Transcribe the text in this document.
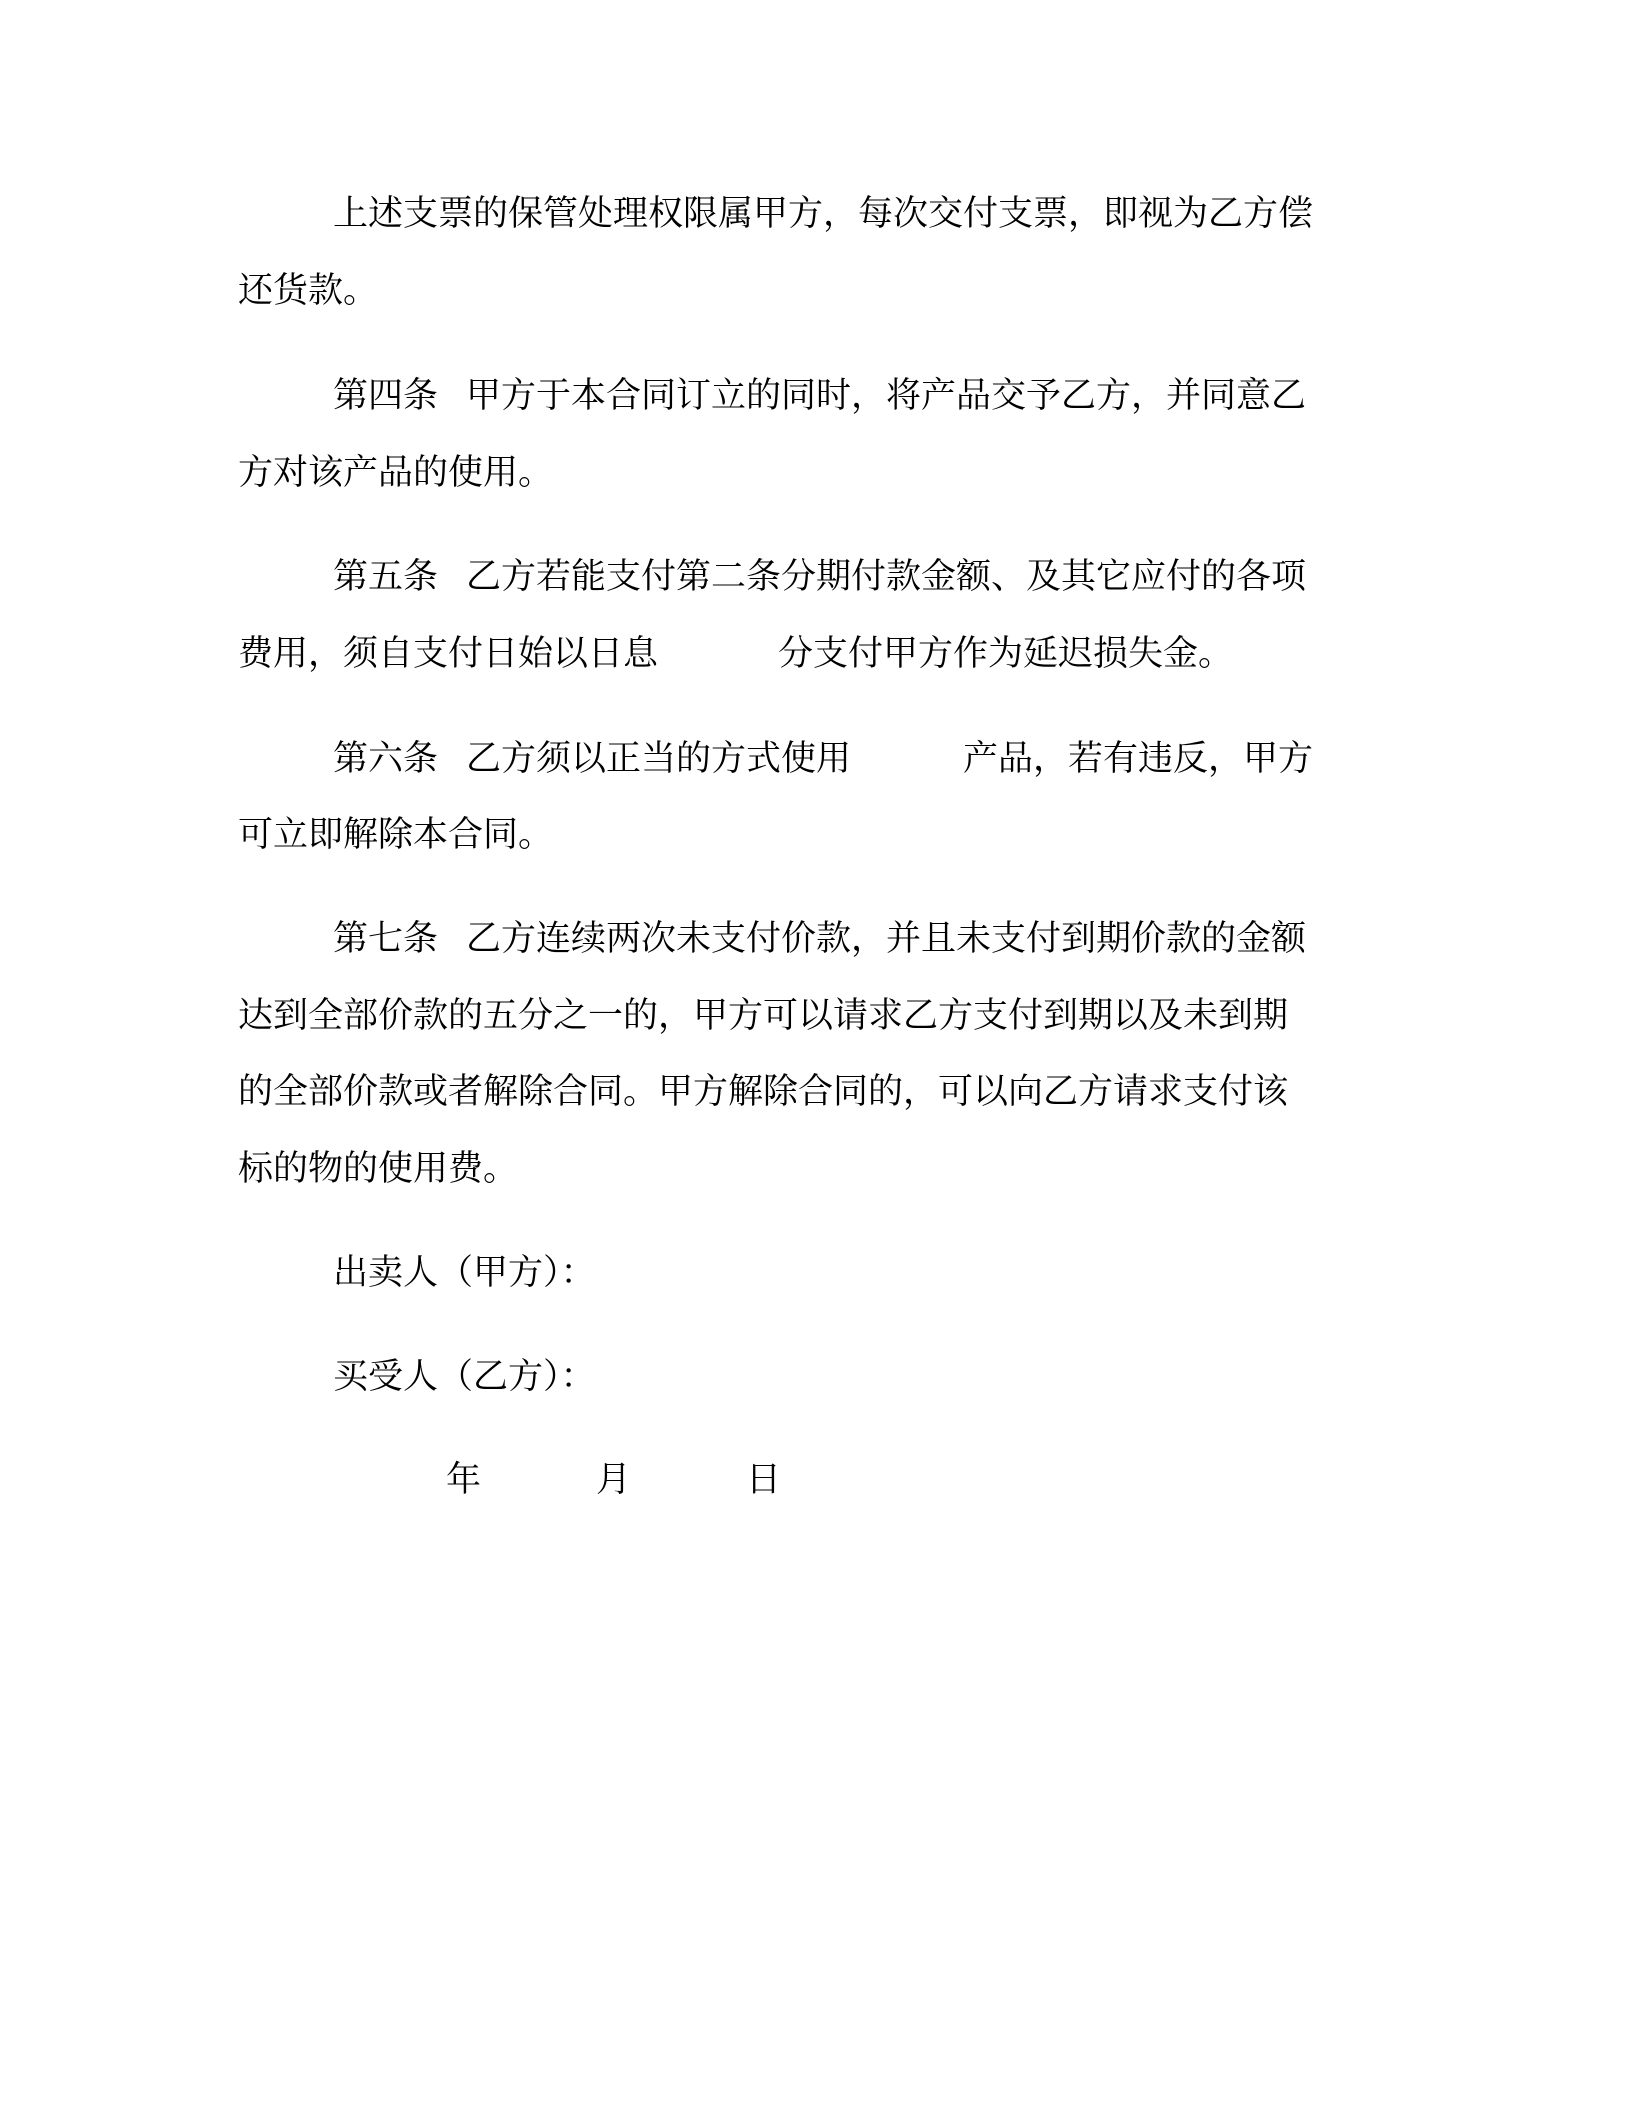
上述支票的保管处理权限属甲方，每次交付支票，即视为乙方偿
还货款。
第四条 甲方于本合同订立的同时，将产品交予乙方，并同意乙
方对该产品的使用。
第五条 乙方若能支付第二条分期付款金额、及其它应付的各项
费用，须自支付日始以日息	分支付甲方作为延迟损失金。
第六条 乙方须以正当的方式使用	产品，若有违反，甲方
可立即解除本合同。
第七条 乙方连续两次未支付价款，并且未支付到期价款的金额
达到全部价款的五分之一的，甲方可以请求乙方支付到期以及未到期
的全部价款或者解除合同。甲方解除合同的，可以向乙方请求支付该
标的物的使用费。
出卖人（甲方）：
买受人（乙方）：
年	月	日
